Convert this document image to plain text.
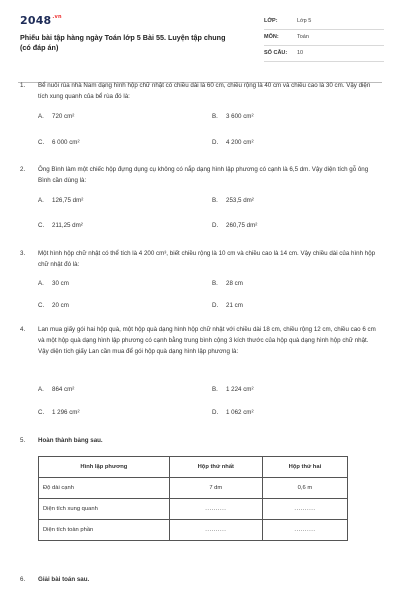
$2048^{.vn}$
Phiếu bài tập hàng ngày Toán lớp 5 Bài 55. Luyện tập chung (có đáp án)
LỚP:	Lớp 5
MÔN:	Toán
SỐ CÂU: 10
1. Bể nuôi rùa nhà Nam dạng hình hộp chữ nhật có chiều dài là 60 cm, chiều rộng là 40 cm và chiều cao là 30 cm. Vậy diện tích xung quanh của bể rùa đó là:
A. 720 cm²	B. 3 600 cm²
C. 6 000 cm²	D. 4 200 cm²
2. Ông Bình làm một chiếc hộp đựng dụng cụ không có nắp dạng hình lập phương có cạnh là 6,5 dm. Vậy diện tích gỗ ông Bình cần dùng là:
A. 126,75 dm²	B. 253,5 dm²
C. 211,25 dm²	D. 260,75 dm²
3. Một hình hộp chữ nhật có thể tích là 4 200 cm³, biết chiều rộng là 10 cm và chiều cao là 14 cm. Vậy chiều dài của hình hộp chữ nhật đó là:
A. 30 cm	B. 28 cm
C. 20 cm	D. 21 cm
4. Lan mua giấy gói hai hộp quà, một hộp quà dạng hình hộp chữ nhật với chiều dài 18 cm, chiều rộng 12 cm, chiều cao 6 cm và một hộp quà dạng hình lập phương có cạnh bằng trung bình cộng 3 kích thước của hộp quà dạng hình hộp chữ nhật. Vậy diện tích giấy Lan cần mua để gói hộp quà dạng hình lập phương là:
A. 864 cm²	B. 1 224 cm²
C. 1 296 cm²	D. 1 062 cm²
5. Hoàn thành bảng sau.
Hình lập phương	Hộp thứ nhất	Hộp thứ hai
Độ dài cạnh	7 dm	0,6 m
Diện tích xung quanh	..........	..........
Diện tích toàn phần	..........	..........
6. Giải bài toán sau.
